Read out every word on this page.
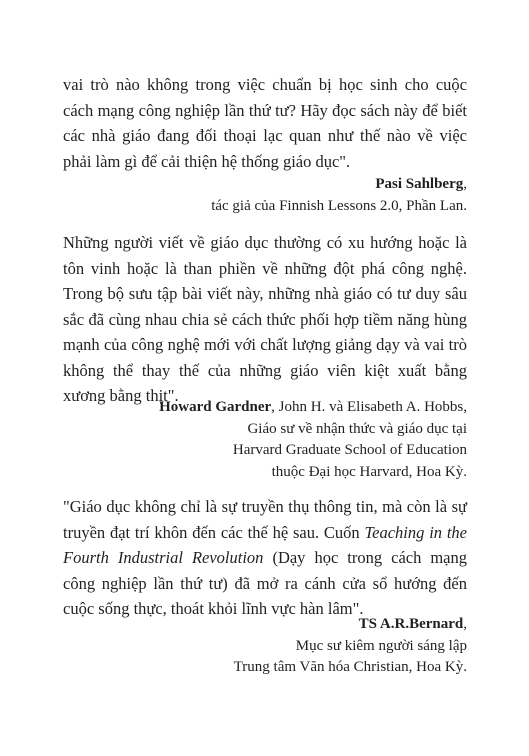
vai trò nào không trong việc chuẩn bị học sinh cho cuộc cách mạng công nghiệp lần thứ tư? Hãy đọc sách này để biết các nhà giáo đang đối thoại lạc quan như thế nào về việc phải làm gì để cải thiện hệ thống giáo dục".

Pasi Sahlberg,
tác giả của Finnish Lessons 2.0, Phần Lan.

Những người viết về giáo dục thường có xu hướng hoặc là tôn vinh hoặc là than phiền về những đột phá công nghệ. Trong bộ sưu tập bài viết này, những nhà giáo có tư duy sâu sắc đã cùng nhau chia sẻ cách thức phối hợp tiềm năng hùng mạnh của công nghệ mới với chất lượng giảng dạy và vai trò không thể thay thế của những giáo viên kiệt xuất bằng xương bằng thịt".

Howard Gardner, John H. và Elisabeth A. Hobbs,
Giáo sư về nhận thức và giáo dục tại
Harvard Graduate School of Education
thuộc Đại học Harvard, Hoa Kỳ.

"Giáo dục không chỉ là sự truyền thụ thông tin, mà còn là sự truyền đạt trí khôn đến các thế hệ sau. Cuốn Teaching in the Fourth Industrial Revolution (Dạy học trong cách mạng công nghiệp lần thứ tư) đã mở ra cánh cửa sổ hướng đến cuộc sống thực, thoát khỏi lĩnh vực hàn lâm".

TS A.R.Bernard,
Mục sư kiêm người sáng lập
Trung tâm Văn hóa Christian, Hoa Kỳ.
